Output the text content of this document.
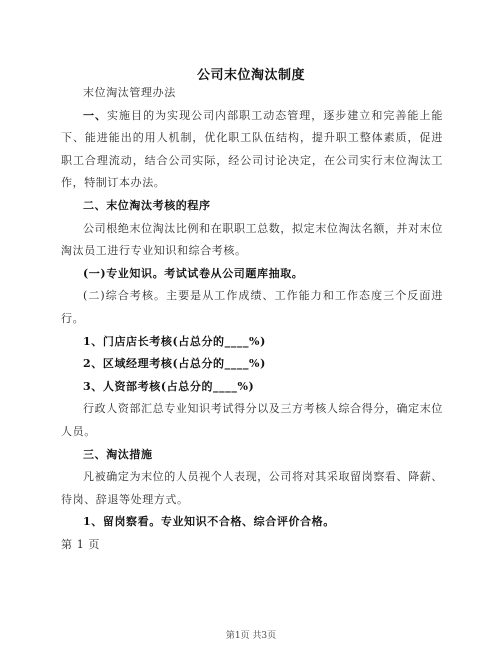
公司末位淘汰制度

末位淘汰管理办法

一、实施目的为实现公司内部职工动态管理，逐步建立和完善能上能下、能进能出的用人机制，优化职工队伍结构，提升职工整体素质，促进职工合理流动，结合公司实际，经公司讨论决定，在公司实行末位淘汰工作，特制订本办法。

二、末位淘汰考核的程序

公司根绝末位淘汰比例和在职职工总数，拟定末位淘汰名额，并对末位淘汰员工进行专业知识和综合考核。

(一)专业知识。考试试卷从公司题库抽取。

(二)综合考核。主要是从工作成绩、工作能力和工作态度三个反面进行。

1、门店店长考核(占总分的____%)

2、区域经理考核(占总分的____%)

3、人资部考核(占总分的____%)

行政人资部汇总专业知识考试得分以及三方考核人综合得分，确定末位人员。

三、淘汰措施

凡被确定为末位的人员视个人表现，公司将对其采取留岗察看、降薪、待岗、辞退等处理方式。

1、留岗察看。专业知识不合格、综合评价合格。

第 1 页

第1页 共3页
